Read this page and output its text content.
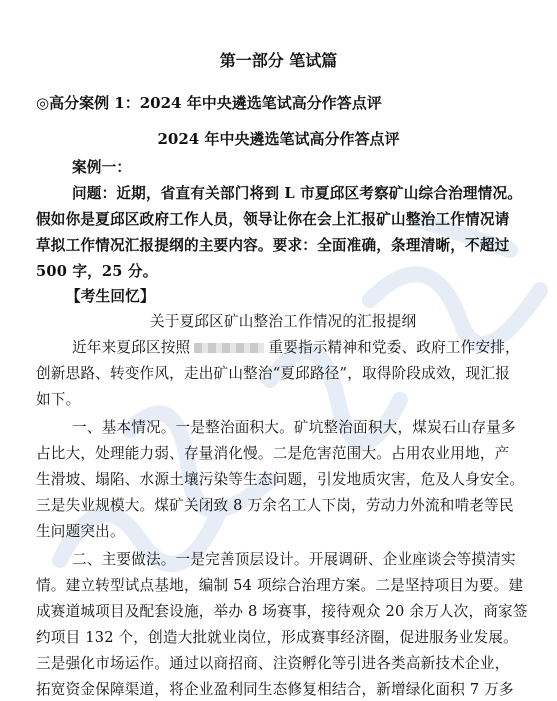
第一部分 笔试篇
◎高分案例 1：2024 年中央遴选笔试高分作答点评
2024 年中央遴选笔试高分作答点评
案例一：
问题：近期，省直有关部门将到 L 市夏邱区考察矿山综合治理情况。
假如你是夏邱区政府工作人员，领导让你在会上汇报矿山整治工作情况请
草拟工作情况汇报提纲的主要内容。要求：全面准确，条理清晰，不超过
500 字，25 分。
【考生回忆】
关于夏邱区矿山整治工作情况的汇报提纲
近年来夏邱区按照	重要指示精神和党委、政府工作安排，
创新思路、转变作风，走出矿山整治“夏邱路径”，取得阶段成效，现汇报
如下。
一、基本情况。一是整治面积大。矿坑整治面积大，煤炭石山存量多
占比大，处理能力弱、存量消化慢。二是危害范围大。占用农业用地，产
生滑坡、塌陷、水源土壤污染等生态问题，引发地质灾害，危及人身安全。
三是失业规模大。煤矿关闭致 8 万余名工人下岗，劳动力外流和啃老等民
生问题突出。
二、主要做法。一是完善顶层设计。开展调研、企业座谈会等摸清实
情。建立转型试点基地，编制 54 项综合治理方案。二是坚持项目为要。建
成赛道城项目及配套设施，举办 8 场赛事，接待观众 20 余万人次，商家签
约项目 132 个，创造大批就业岗位，形成赛事经济圈，促进服务业发展。
三是强化市场运作。通过以商招商、注资孵化等引进各类高新技术企业，
拓宽资金保障渠道，将企业盈利同生态修复相结合，新增绿化面积 7 万多
